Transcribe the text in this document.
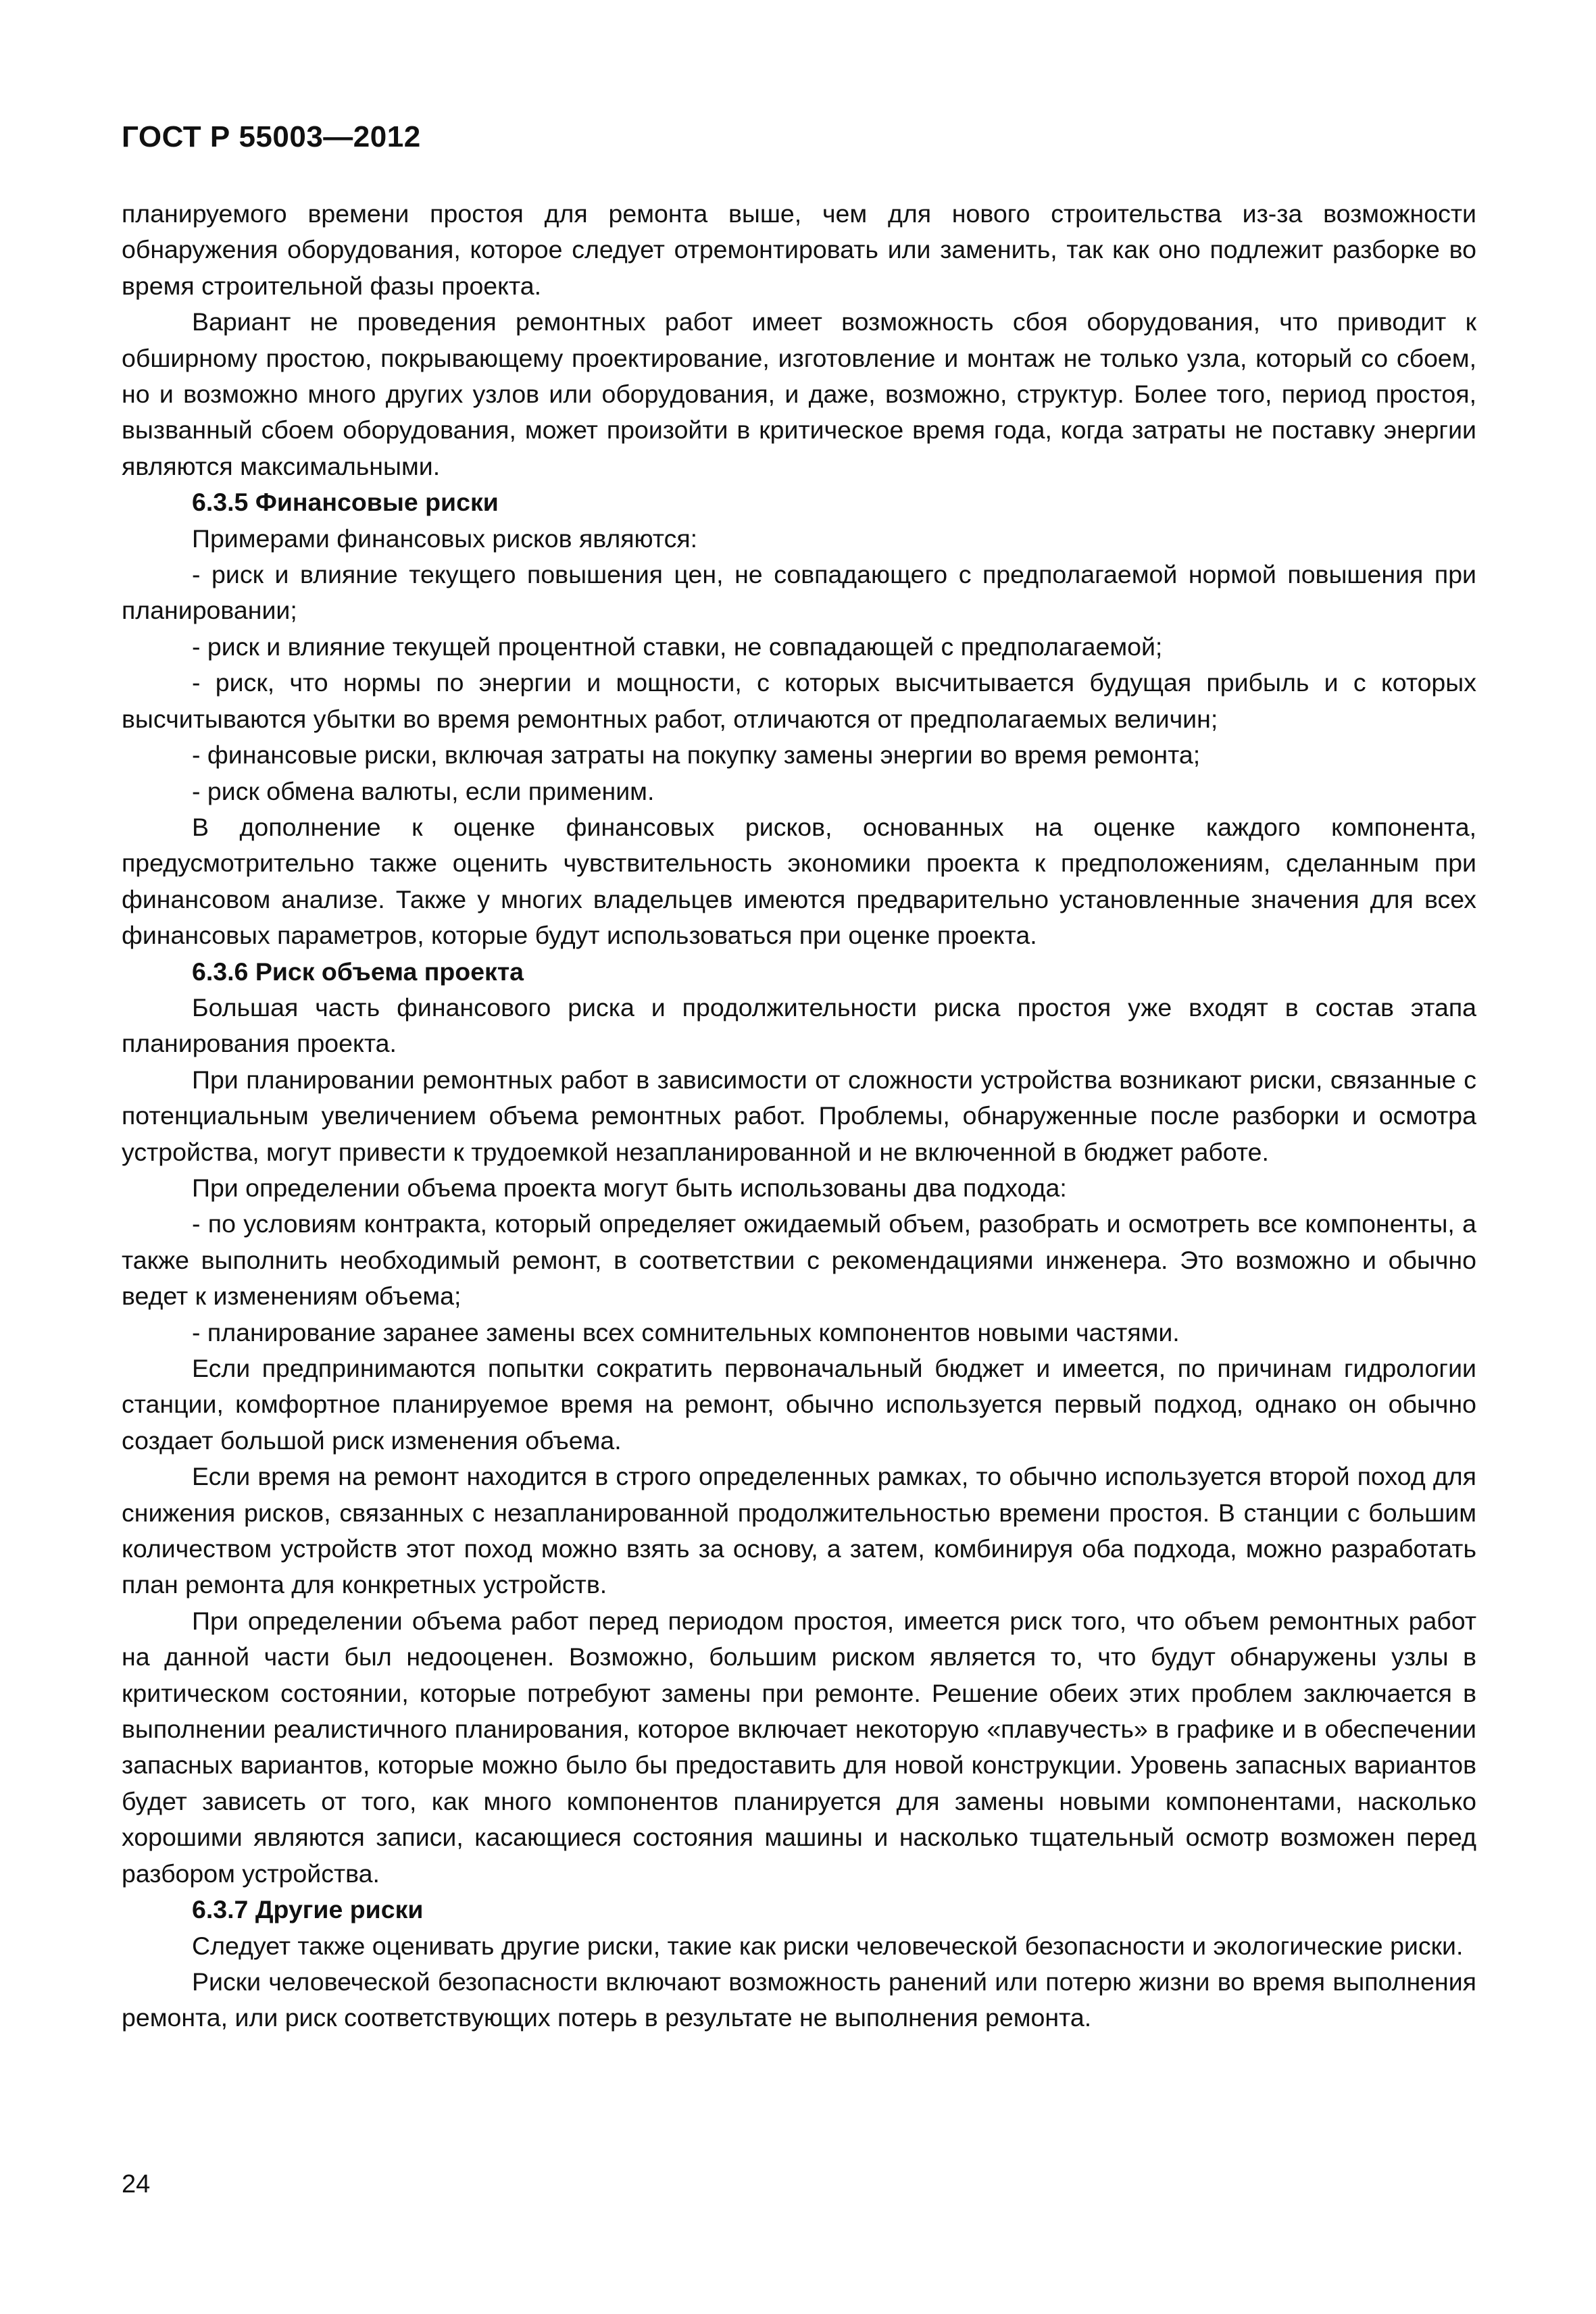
ГОСТ Р 55003—2012

планируемого времени простоя для ремонта выше, чем для нового строительства из-за возможности обнаружения оборудования, которое следует отремонтировать или заменить, так как оно подлежит разборке во время строительной фазы проекта.

Вариант не проведения ремонтных работ имеет возможность сбоя оборудования, что приводит к обширному простою, покрывающему проектирование, изготовление и монтаж не только узла, который со сбоем, но и возможно много других узлов или оборудования, и даже, возможно, структур. Более того, период простоя, вызванный сбоем оборудования, может произойти в критическое время года, когда затраты не поставку энергии являются максимальными.

6.3.5 Финансовые риски

Примерами финансовых рисков являются:

- риск и влияние текущего повышения цен, не совпадающего с предполагаемой нормой повышения при планировании;

- риск и влияние текущей процентной ставки, не совпадающей с предполагаемой;

- риск, что нормы по энергии и мощности, с которых высчитывается будущая прибыль и с которых высчитываются убытки во время ремонтных работ, отличаются от предполагаемых величин;

- финансовые риски, включая затраты на покупку замены энергии во время ремонта;

- риск обмена валюты, если применим.

В дополнение к оценке финансовых рисков, основанных на оценке каждого компонента, предусмотрительно также оценить чувствительность экономики проекта к предположениям, сделанным при финансовом анализе. Также у многих владельцев имеются предварительно установленные значения для всех финансовых параметров, которые будут использоваться при оценке проекта.

6.3.6 Риск объема проекта

Большая часть финансового риска и продолжительности риска простоя уже входят в состав этапа планирования проекта.

При планировании ремонтных работ в зависимости от сложности устройства возникают риски, связанные с потенциальным увеличением объема ремонтных работ. Проблемы, обнаруженные после разборки и осмотра устройства, могут привести к трудоемкой незапланированной и не включенной в бюджет работе.

При определении объема проекта могут быть использованы два подхода:

- по условиям контракта, который определяет ожидаемый объем, разобрать и осмотреть все компоненты, а также выполнить необходимый ремонт, в соответствии с рекомендациями инженера. Это возможно и обычно ведет к изменениям объема;

- планирование заранее замены всех сомнительных компонентов новыми частями.

Если предпринимаются попытки сократить первоначальный бюджет и имеется, по причинам гидрологии станции, комфортное планируемое время на ремонт, обычно используется первый подход, однако он обычно создает большой риск изменения объема.

Если время на ремонт находится в строго определенных рамках, то обычно используется второй поход для снижения рисков, связанных с незапланированной продолжительностью времени простоя. В станции с большим количеством устройств этот поход можно взять за основу, а затем, комбинируя оба подхода, можно разработать план ремонта для конкретных устройств.

При определении объема работ перед периодом простоя, имеется риск того, что объем ремонтных работ на данной части был недооценен. Возможно, большим риском является то, что будут обнаружены узлы в критическом состоянии, которые потребуют замены при ремонте. Решение обеих этих проблем заключается в выполнении реалистичного планирования, которое включает некоторую «плавучесть» в графике и в обеспечении запасных вариантов, которые можно было бы предоставить для новой конструкции. Уровень запасных вариантов будет зависеть от того, как много компонентов планируется для замены новыми компонентами, насколько хорошими являются записи, касающиеся состояния машины и насколько тщательный осмотр возможен перед разбором устройства.

6.3.7 Другие риски

Следует также оценивать другие риски, такие как риски человеческой безопасности и экологические риски.

Риски человеческой безопасности включают возможность ранений или потерю жизни во время выполнения ремонта, или риск соответствующих потерь в результате не выполнения ремонта.

24
